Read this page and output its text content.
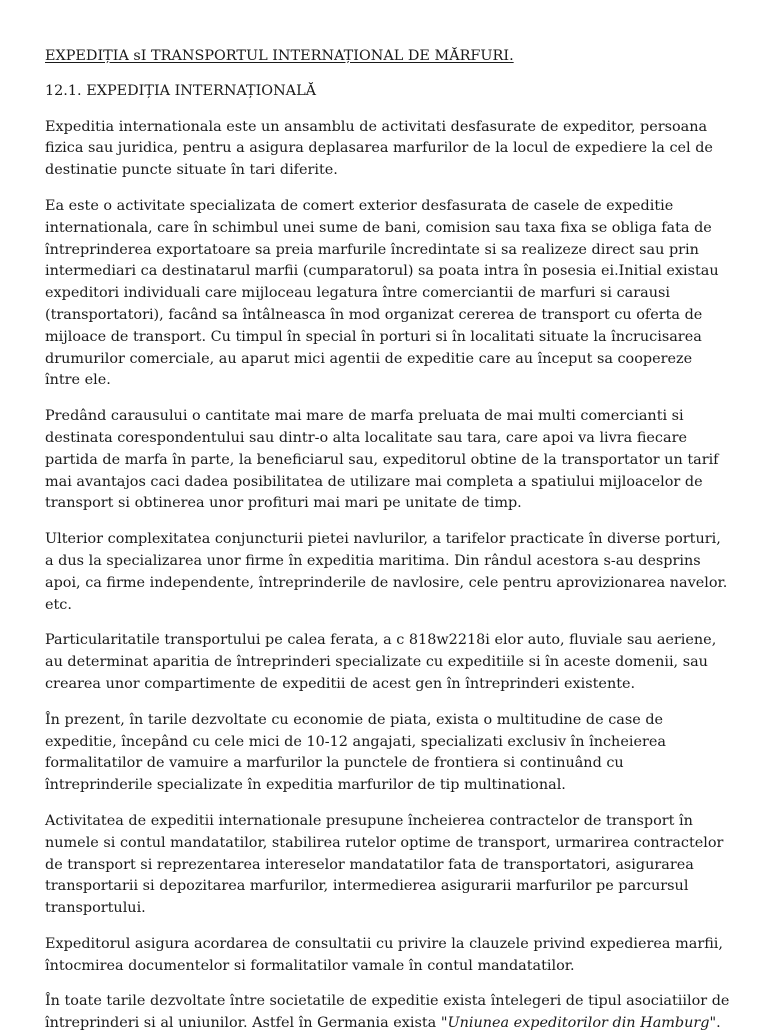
EXPEDIȚIA sI TRANSPORTUL INTERNAȚIONAL DE MĂRFURI.

12.1. EXPEDIȚIA INTERNAȚIONALĂ

Expeditia internationala este un ansamblu de activitati desfasurate de expeditor, persoana fizica sau juridica, pentru a asigura deplasarea marfurilor de la locul de expediere la cel de destinatie puncte situate în tari diferite.

Ea este o activitate specializata de comert exterior desfasurata de casele de expeditie internationala, care în schimbul unei sume de bani, comision sau taxa fixa se obliga fata de întreprinderea exportatoare sa preia marfurile încredintate si sa realizeze direct sau prin intermediari ca destinatarul marfii (cumparatorul) sa poata intra în posesia ei.Initial existau expeditori individuali care mijloceau legatura între comerciantii de marfuri si carausi (transportatori), facând sa întâlneasca în mod organizat cererea de transport cu oferta de mijloace de transport. Cu timpul în special în porturi si în localitati situate la încrucisarea drumurilor comerciale, au aparut mici agentii de expeditie care au început sa coopereze între ele.

Predând carausului o cantitate mai mare de marfa preluata de mai multi comercianti si destinata corespondentului sau dintr-o alta localitate sau tara, care apoi va livra fiecare partida de marfa în parte, la beneficiarul sau, expeditorul obtine de la transportator un tarif mai avantajos caci dadea posibilitatea de utilizare mai completa a spatiului mijloacelor de transport si obtinerea unor profituri mai mari pe unitate de timp.

Ulterior complexitatea conjuncturii pietei navlurilor, a tarifelor practicate în diverse porturi, a dus la specializarea unor firme în expeditia maritima. Din rândul acestora s-au desprins apoi, ca firme independente, întreprinderile de navlosire, cele pentru aprovizionarea navelor. etc.

Particularitatile transportului pe calea ferata, a c 818w2218i elor auto, fluviale sau aeriene, au determinat aparitia de întreprinderi specializate cu expeditiile si în aceste domenii, sau crearea unor compartimente de expeditii de acest gen în întreprinderi existente.

În prezent, în tarile dezvoltate cu economie de piata, exista o multitudine de case de expeditie, începând cu cele mici de 10-12 angajati, specializati exclusiv în încheierea formalitatilor de vamuire a marfurilor la punctele de frontiera si continuând cu întreprinderile specializate în expeditia marfurilor de tip multinational.

Activitatea de expeditii internationale presupune încheierea contractelor de transport în numele si contul mandatatilor, stabilirea rutelor optime de transport, urmarirea contractelor de transport si reprezentarea intereselor mandatatilor fata de transportatori, asigurarea transportarii si depozitarea marfurilor, intermedierea asigurarii marfurilor pe parcursul transportului.

Expeditorul asigura acordarea de consultatii cu privire la clauzele privind expedierea marfii, întocmirea documentelor si formalitatilor vamale în contul mandatatilor.

În toate tarile dezvoltate între societatile de expeditie exista întelegeri de tipul asociatiilor de întreprinderi si al uniunilor. Astfel în Germania exista "Uniunea expeditorilor din Hamburg".
